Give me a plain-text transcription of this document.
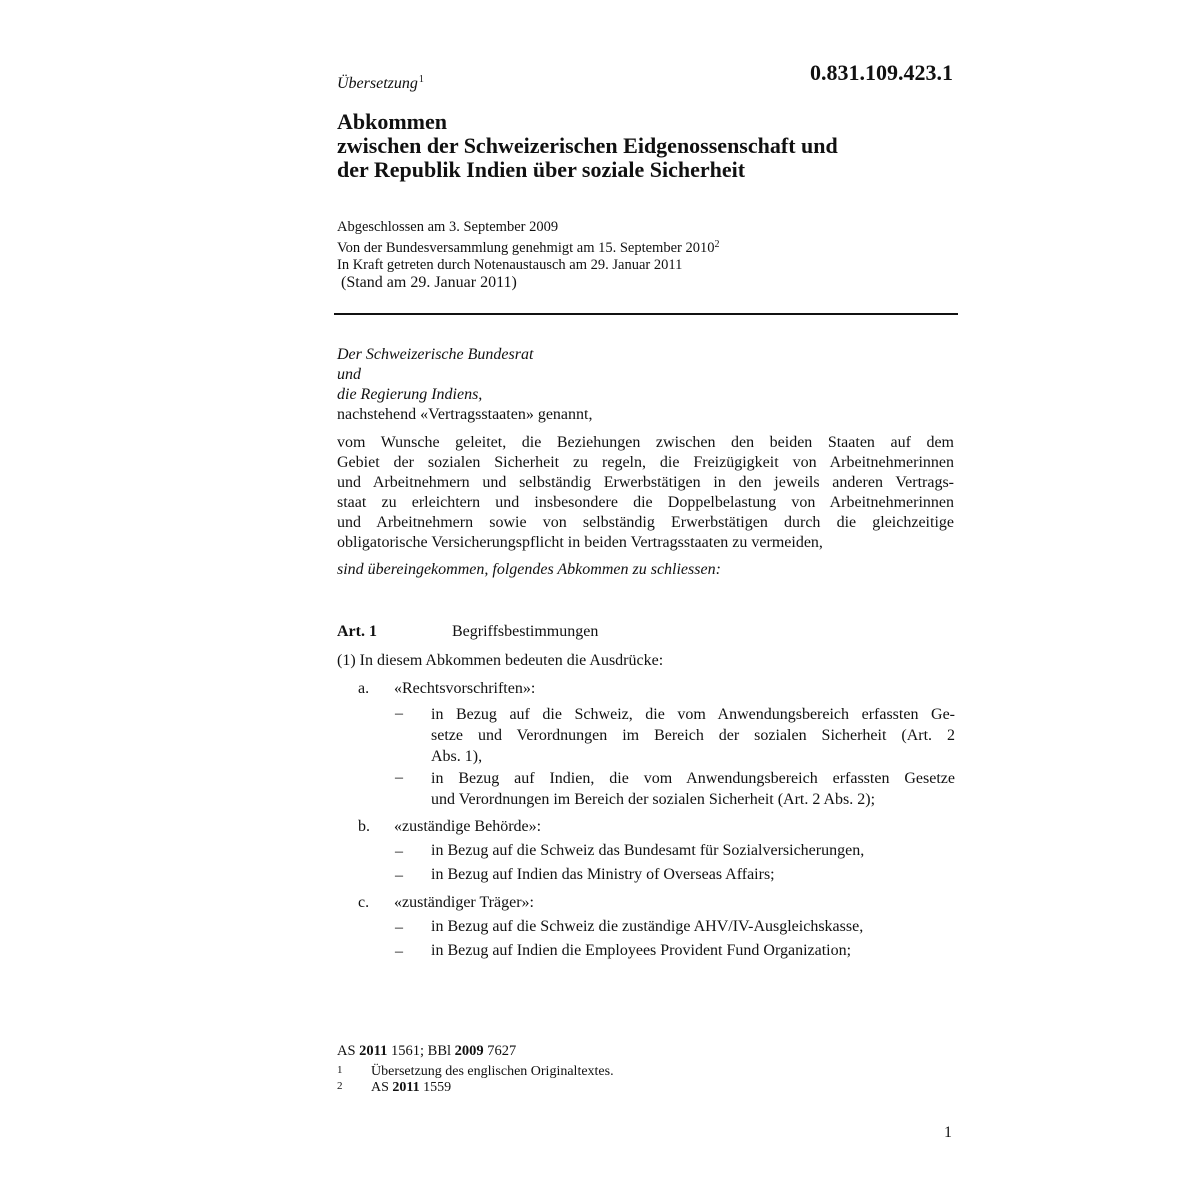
Übersetzung$^1$	0.831.109.423.1
Abkommen
zwischen der Schweizerischen Eidgenossenschaft und
der Republik Indien über soziale Sicherheit
Abgeschlossen am 3. September 2009
Von der Bundesversammlung genehmigt am 15. September 2010$^2$
In Kraft getreten durch Notenaustausch am 29. Januar 2011
(Stand am 29. Januar 2011)
Der Schweizerische Bundesrat
und
die Regierung Indiens,
nachstehend «Vertragsstaaten» genannt,
vom Wunsche geleitet, die Beziehungen zwischen den beiden Staaten auf dem
Gebiet der sozialen Sicherheit zu regeln, die Freizügigkeit von Arbeitnehmerinnen
und Arbeitnehmern und selbständig Erwerbstätigen in den jeweils anderen Vertrags-
staat zu erleichtern und insbesondere die Doppelbelastung von Arbeitnehmerinnen
und Arbeitnehmern sowie von selbständig Erwerbstätigen durch die gleichzeitige
obligatorische Versicherungspflicht in beiden Vertragsstaaten zu vermeiden,
sind übereingekommen, folgendes Abkommen zu schliessen:
Art. 1	Begriffsbestimmungen
(1) In diesem Abkommen bedeuten die Ausdrücke:
a. «Rechtsvorschriften»:
– in Bezug auf die Schweiz, die vom Anwendungsbereich erfassten Ge-
setze und Verordnungen im Bereich der sozialen Sicherheit (Art. 2
Abs. 1),
– in Bezug auf Indien, die vom Anwendungsbereich erfassten Gesetze
und Verordnungen im Bereich der sozialen Sicherheit (Art. 2 Abs. 2);
b. «zuständige Behörde»:
– in Bezug auf die Schweiz das Bundesamt für Sozialversicherungen,
– in Bezug auf Indien das Ministry of Overseas Affairs;
c. «zuständiger Träger»:
– in Bezug auf die Schweiz die zuständige AHV/IV-Ausgleichskasse,
– in Bezug auf Indien die Employees Provident Fund Organization;
AS 2011 1561; BBl 2009 7627
1 Übersetzung des englischen Originaltextes.
2 AS 2011 1559
1
